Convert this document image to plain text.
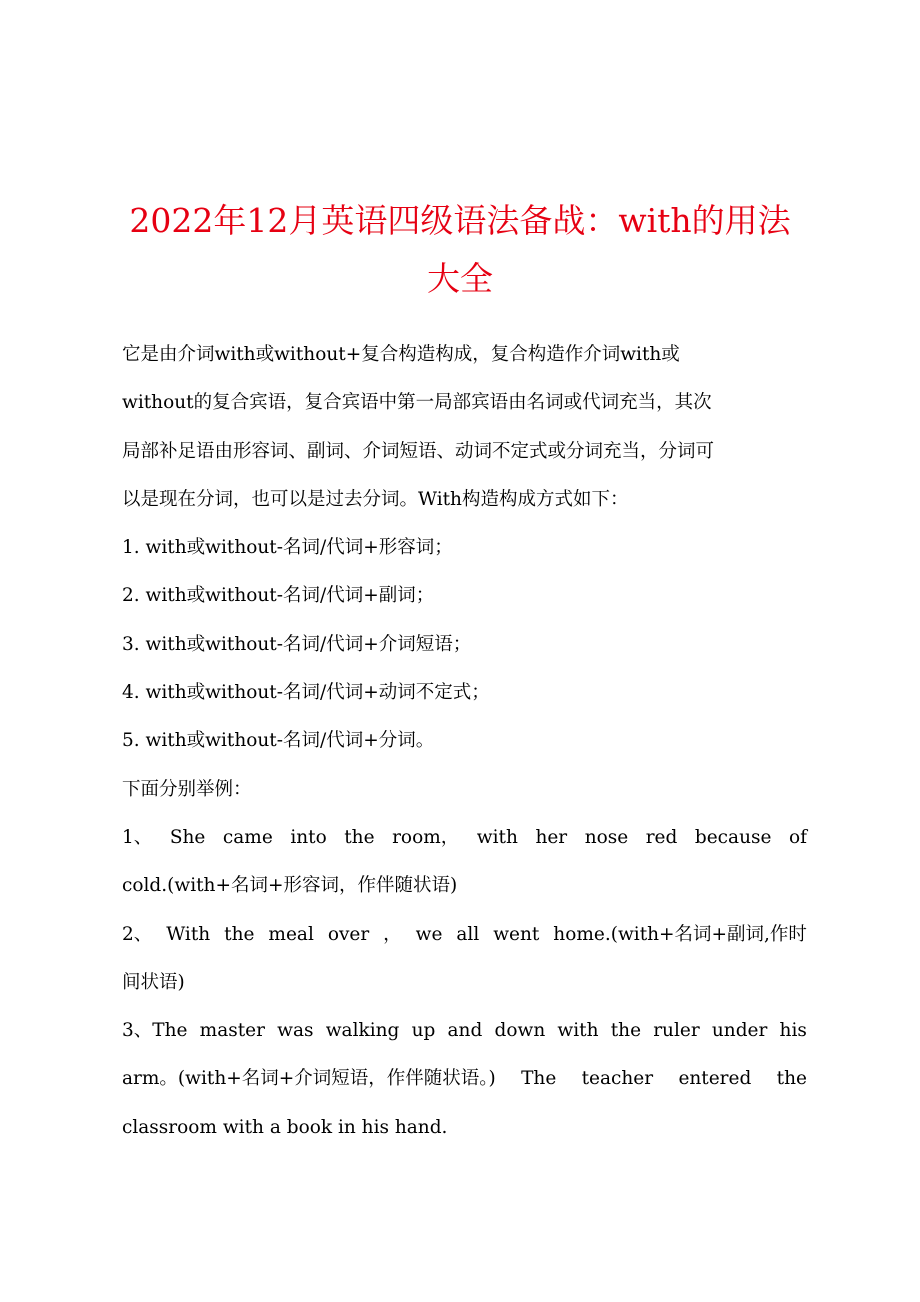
2022年12月英语四级语法备战：with的用法
大全
它是由介词with或without+复合构造构成，复合构造作介词with或
without的复合宾语，复合宾语中第一局部宾语由名词或代词充当，其次
局部补足语由形容词、副词、介词短语、动词不定式或分词充当，分词可
以是现在分词，也可以是过去分词。With构造构成方式如下：
1. with或without-名词/代词+形容词；
2. with或without-名词/代词+副词；
3. with或without-名词/代词+介词短语；
4. with或without-名词/代词+动词不定式；
5. with或without-名词/代词+分词。
下面分别举例：
1、 She came into the room， with her nose red because of
cold.(with+名词+形容词，作伴随状语)
2、 With the meal over ， we all went home.(with+名词+副词,作时
间状语)
3、The master was walking up and down with the ruler under his
arm。(with+名词+介词短语，作伴随状语。) The teacher entered the
classroom with a book in his hand.
